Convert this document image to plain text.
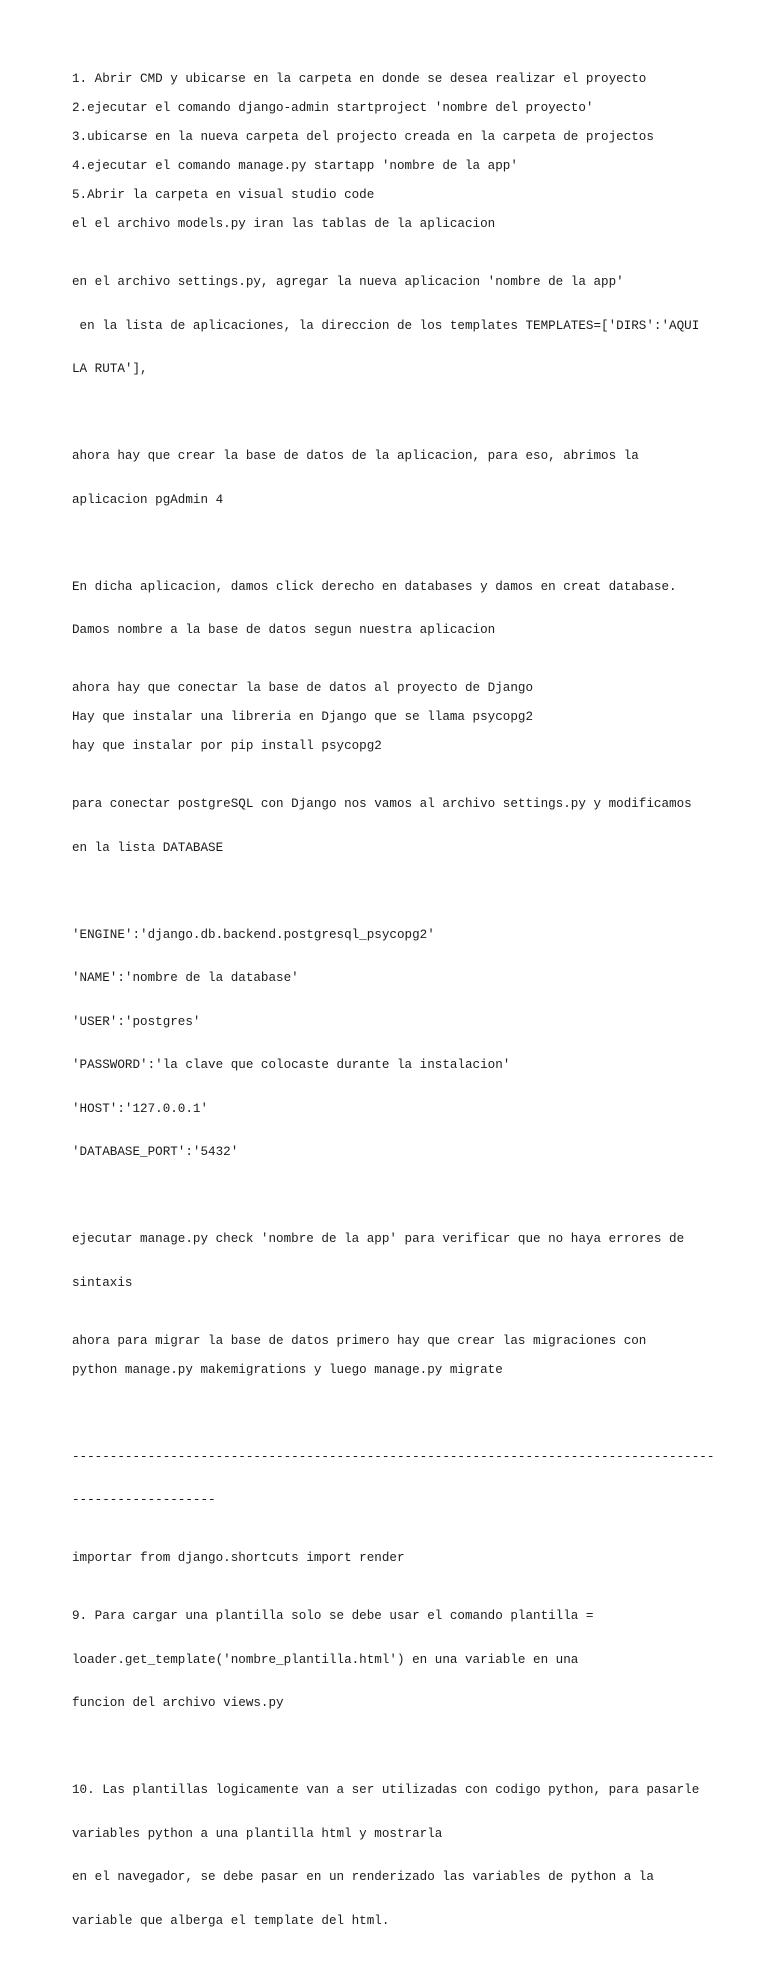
1. Abrir CMD y ubicarse en la carpeta en donde se desea realizar el proyecto

2.ejecutar el comando django-admin startproject 'nombre del proyecto'

3.ubicarse en la nueva carpeta del projecto creada en la carpeta de projectos

4.ejecutar el comando manage.py startapp 'nombre de la app'

5.Abrir la carpeta en visual studio code

el el archivo models.py iran las tablas de la aplicacion

en el archivo settings.py, agregar la nueva aplicacion 'nombre de la app'

en la lista de aplicaciones, la direccion de los templates TEMPLATES=['DIRS':'AQUI

LA RUTA'],

ahora hay que crear la base de datos de la aplicacion, para eso, abrimos la

aplicacion pgAdmin 4

En dicha aplicacion, damos click derecho en databases y damos en creat database.

Damos nombre a la base de datos segun nuestra aplicacion

ahora hay que conectar la base de datos al proyecto de Django

Hay que instalar una libreria en Django que se llama psycopg2

hay que instalar por pip install psycopg2

para conectar postgreSQL con Django nos vamos al archivo settings.py y modificamos

en la lista DATABASE

'ENGINE':'django.db.backend.postgresql_psycopg2'

'NAME':'nombre de la database'

'USER':'postgres'

'PASSWORD':'la clave que colocaste durante la instalacion'

'HOST':'127.0.0.1'

'DATABASE_PORT':'5432'

ejecutar manage.py check 'nombre de la app' para verificar que no haya errores de

sintaxis

ahora para migrar la base de datos primero hay que crear las migraciones con

python manage.py makemigrations y luego manage.py migrate

-------------------------------------------------------------------------------------

-------------------

importar from django.shortcuts import render

9. Para cargar una plantilla solo se debe usar el comando plantilla =

loader.get_template('nombre_plantilla.html') en una variable en una

funcion del archivo views.py

10. Las plantillas logicamente van a ser utilizadas con codigo python, para pasarle

variables python a una plantilla html y mostrarla

en el navegador, se debe pasar en un renderizado las variables de python a la

variable que alberga el template del html.
